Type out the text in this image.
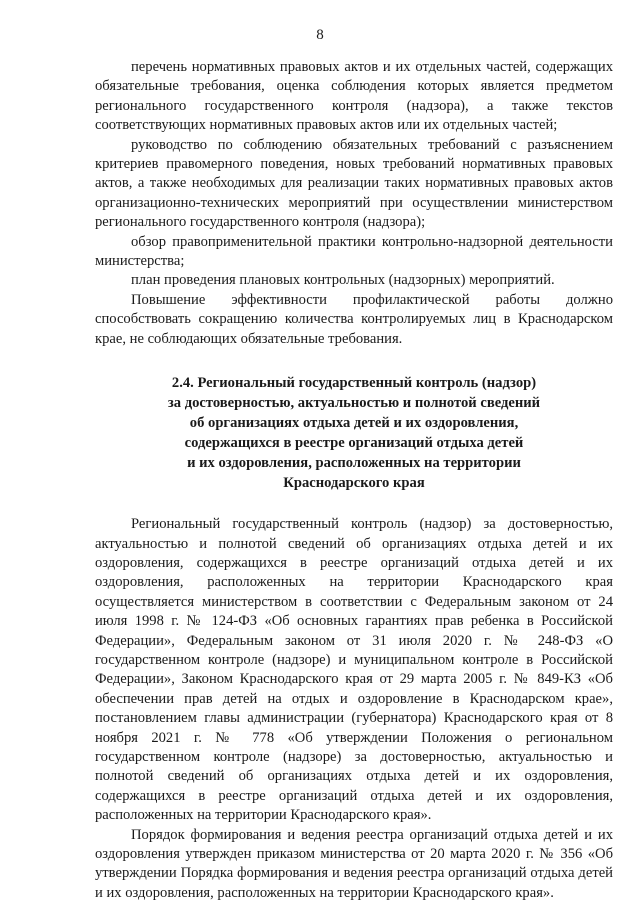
8

перечень нормативных правовых актов и их отдельных частей, содержащих обязательные требования, оценка соблюдения которых является предметом регионального государственного контроля (надзора), а также текстов соответствующих нормативных правовых актов или их отдельных частей;

руководство по соблюдению обязательных требований с разъяснением критериев правомерного поведения, новых требований нормативных правовых актов, а также необходимых для реализации таких нормативных правовых актов организационно-технических мероприятий при осуществлении министерством регионального государственного контроля (надзора);

обзор правоприменительной практики контрольно-надзорной деятельности министерства;

план проведения плановых контрольных (надзорных) мероприятий.

Повышение эффективности профилактической работы должно способствовать сокращению количества контролируемых лиц в Краснодарском крае, не соблюдающих обязательные требования.

2.4. Региональный государственный контроль (надзор)
за достоверностью, актуальностью и полнотой сведений
об организациях отдыха детей и их оздоровления,
содержащихся в реестре организаций отдыха детей
и их оздоровления, расположенных на территории
Краснодарского края

Региональный государственный контроль (надзор) за достоверностью, актуальностью и полнотой сведений об организациях отдыха детей и их оздоровления, содержащихся в реестре организаций отдыха детей и их оздоровления, расположенных на территории Краснодарского края осуществляется министерством в соответствии с Федеральным законом от 24 июля 1998 г. № 124-ФЗ «Об основных гарантиях прав ребенка в Российской Федерации», Федеральным законом от 31 июля 2020 г. № 248-ФЗ «О государственном контроле (надзоре) и муниципальном контроле в Российской Федерации», Законом Краснодарского края от 29 марта 2005 г. № 849-КЗ «Об обеспечении прав детей на отдых и оздоровление в Краснодарском крае», постановлением главы администрации (губернатора) Краснодарского края от 8 ноября 2021 г. № 778 «Об утверждении Положения о региональном государственном контроле (надзоре) за достоверностью, актуальностью и полнотой сведений об организациях отдыха детей и их оздоровления, содержащихся в реестре организаций отдыха детей и их оздоровления, расположенных на территории Краснодарского края».

Порядок формирования и ведения реестра организаций отдыха детей и их оздоровления утвержден приказом министерства от 20 марта 2020 г. № 356 «Об утверждении Порядка формирования и ведения реестра организаций отдыха детей и их оздоровления, расположенных на территории Краснодарского края».
